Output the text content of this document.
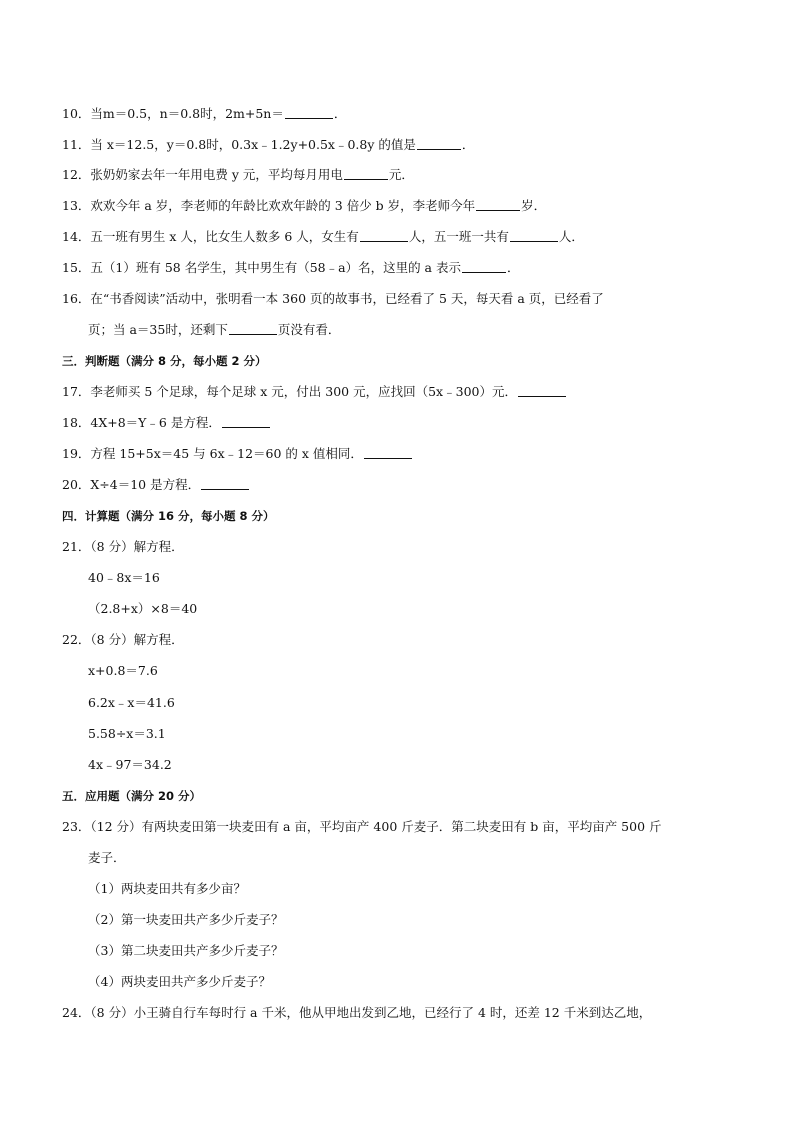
10．当m＝0.5，n＝0.8时，2m+5n＝	．
11．当 x＝12.5，y＝0.8时，0.3x﹣1.2y+0.5x﹣0.8y 的值是	．
12．张奶奶家去年一年用电费 y 元，平均每月用电	元．
13．欢欢今年 a 岁，李老师的年龄比欢欢年龄的 3 倍少 b 岁，李老师今年	岁．
14．五一班有男生 x 人，比女生人数多 6 人，女生有	人，五一班一共有	人．
15．五（1）班有 58 名学生，其中男生有（58﹣a）名，这里的 a 表示	．
16．在“书香阅读”活动中，张明看一本 360 页的故事书，已经看了 5 天，每天看 a 页，已经看了
页；当 a＝35时，还剩下	页没有看．
三．判断题（满分 8 分，每小题 2 分）
17．李老师买 5 个足球，每个足球 x 元，付出 300 元，应找回（5x﹣300）元．
18．4X+8＝Y﹣6 是方程．
19．方程 15+5x＝45 与 6x﹣12＝60 的 x 值相同．
20．X÷4＝10 是方程．
四．计算题（满分 16 分，每小题 8 分）
21．（8 分）解方程．
40﹣8x＝16
（2.8+x）×8＝40
22．（8 分）解方程．
x+0.8＝7.6
6.2x﹣x＝41.6
5.58÷x＝3.1
4x﹣97＝34.2
五．应用题（满分 20 分）
23．（12 分）有两块麦田第一块麦田有 a 亩，平均亩产 400 斤麦子．第二块麦田有 b 亩，平均亩产 500 斤
麦子．
（1）两块麦田共有多少亩？
（2）第一块麦田共产多少斤麦子？
（3）第二块麦田共产多少斤麦子？
（4）两块麦田共产多少斤麦子？
24．（8 分）小王骑自行车每时行 a 千米，他从甲地出发到乙地，已经行了 4 时，还差 12 千米到达乙地，
